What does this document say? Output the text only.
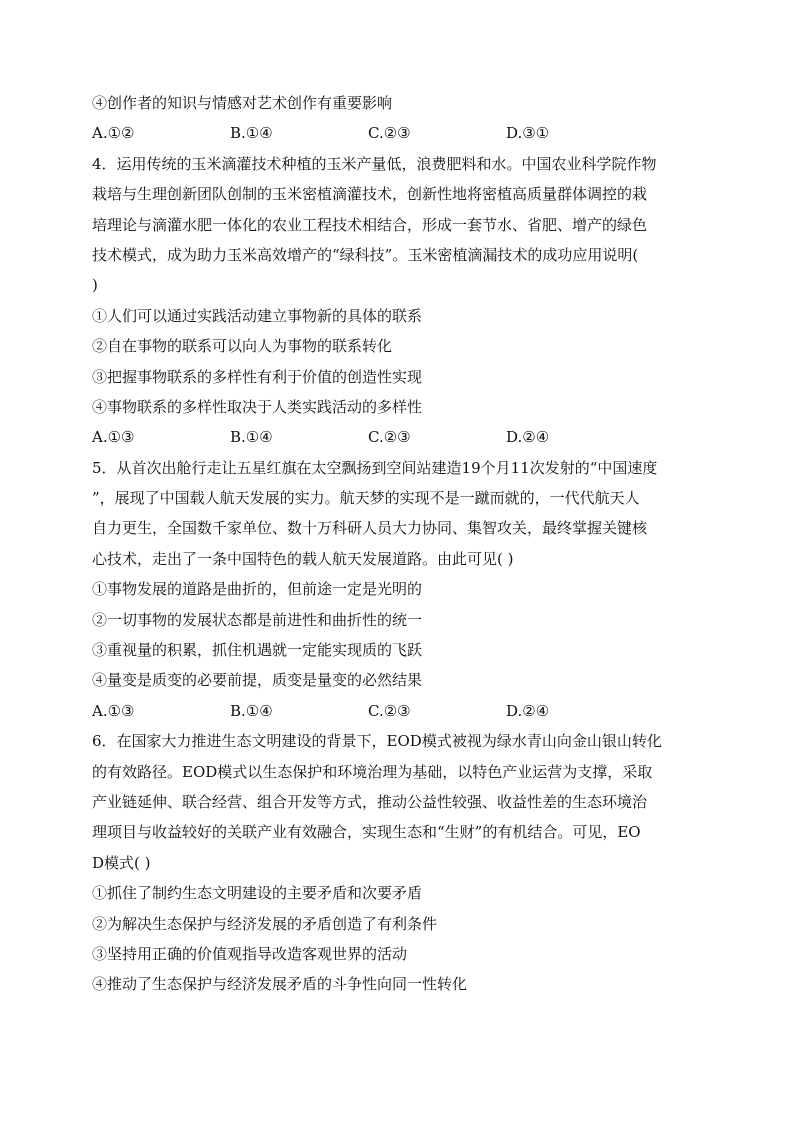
④创作者的知识与情感对艺术创作有重要影响
A.①②	B.①④	C.②③	D.③①
4．运用传统的玉米滴灌技术种植的玉米产量低，浪费肥料和水。中国农业科学院作物
栽培与生理创新团队创制的玉米密植滴灌技术，创新性地将密植高质量群体调控的栽
培理论与滴灌水肥一体化的农业工程技术相结合，形成一套节水、省肥、增产的绿色
技术模式，成为助力玉米高效增产的“绿科技”。玉米密植滴漏技术的成功应用说明(
)
①人们可以通过实践活动建立事物新的具体的联系
②自在事物的联系可以向人为事物的联系转化
③把握事物联系的多样性有利于价值的创造性实现
④事物联系的多样性取决于人类实践活动的多样性
A.①③	B.①④	C.②③	D.②④
5．从首次出舱行走让五星红旗在太空飘扬到空间站建造19个月11次发射的“中国速度
”，展现了中国载人航天发展的实力。航天梦的实现不是一蹴而就的，一代代航天人
自力更生，全国数千家单位、数十万科研人员大力协同、集智攻关，最终掌握关键核
心技术，走出了一条中国特色的载人航天发展道路。由此可见( )
①事物发展的道路是曲折的，但前途一定是光明的
②一切事物的发展状态都是前进性和曲折性的统一
③重视量的积累，抓住机遇就一定能实现质的飞跃
④量变是质变的必要前提，质变是量变的必然结果
A.①③	B.①④	C.②③	D.②④
6．在国家大力推进生态文明建设的背景下，EOD模式被视为绿水青山向金山银山转化
的有效路径。EOD模式以生态保护和环境治理为基础，以特色产业运营为支撑，采取
产业链延伸、联合经营、组合开发等方式，推动公益性较强、收益性差的生态环境治
理项目与收益较好的关联产业有效融合，实现生态和“生财”的有机结合。可见，EO
D模式( )
①抓住了制约生态文明建设的主要矛盾和次要矛盾
②为解决生态保护与经济发展的矛盾创造了有利条件
③坚持用正确的价值观指导改造客观世界的活动
④推动了生态保护与经济发展矛盾的斗争性向同一性转化
